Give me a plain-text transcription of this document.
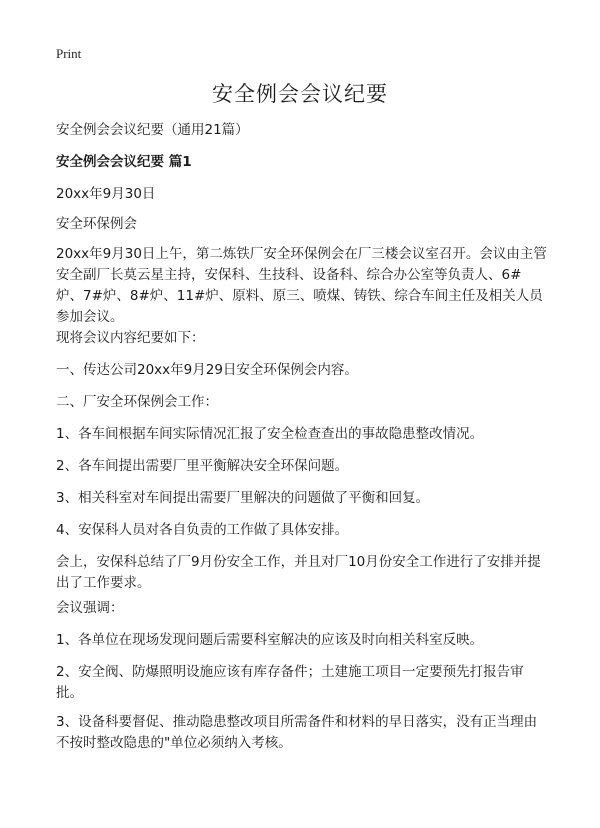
Print
安全例会会议纪要

安全例会会议纪要（通用21篇）

安全例会会议纪要 篇1

20xx年9月30日

安全环保例会

20xx年9月30日上午，第二炼铁厂安全环保例会在厂三楼会议室召开。会议由主管安全副厂长莫云星主持，安保科、生技科、设备科、综合办公室等负责人、6#炉、7#炉、8#炉、11#炉、原料、原三、喷煤、铸铁、综合车间主任及相关人员参加会议。

现将会议内容纪要如下：

一、传达公司20xx年9月29日安全环保例会内容。

二、厂安全环保例会工作：

1、各车间根据车间实际情况汇报了安全检查查出的事故隐患整改情况。

2、各车间提出需要厂里平衡解决安全环保问题。

3、相关科室对车间提出需要厂里解决的问题做了平衡和回复。

4、安保科人员对各自负责的工作做了具体安排。

会上，安保科总结了厂9月份安全工作，并且对厂10月份安全工作进行了安排并提出了工作要求。

会议强调：

1、各单位在现场发现问题后需要科室解决的应该及时向相关科室反映。

2、安全阀、防爆照明设施应该有库存备件；土建施工项目一定要预先打报告审批。

3、设备科要督促、推动隐患整改项目所需备件和材料的早日落实，没有正当理由不按时整改隐患的"单位必须纳入考核。
